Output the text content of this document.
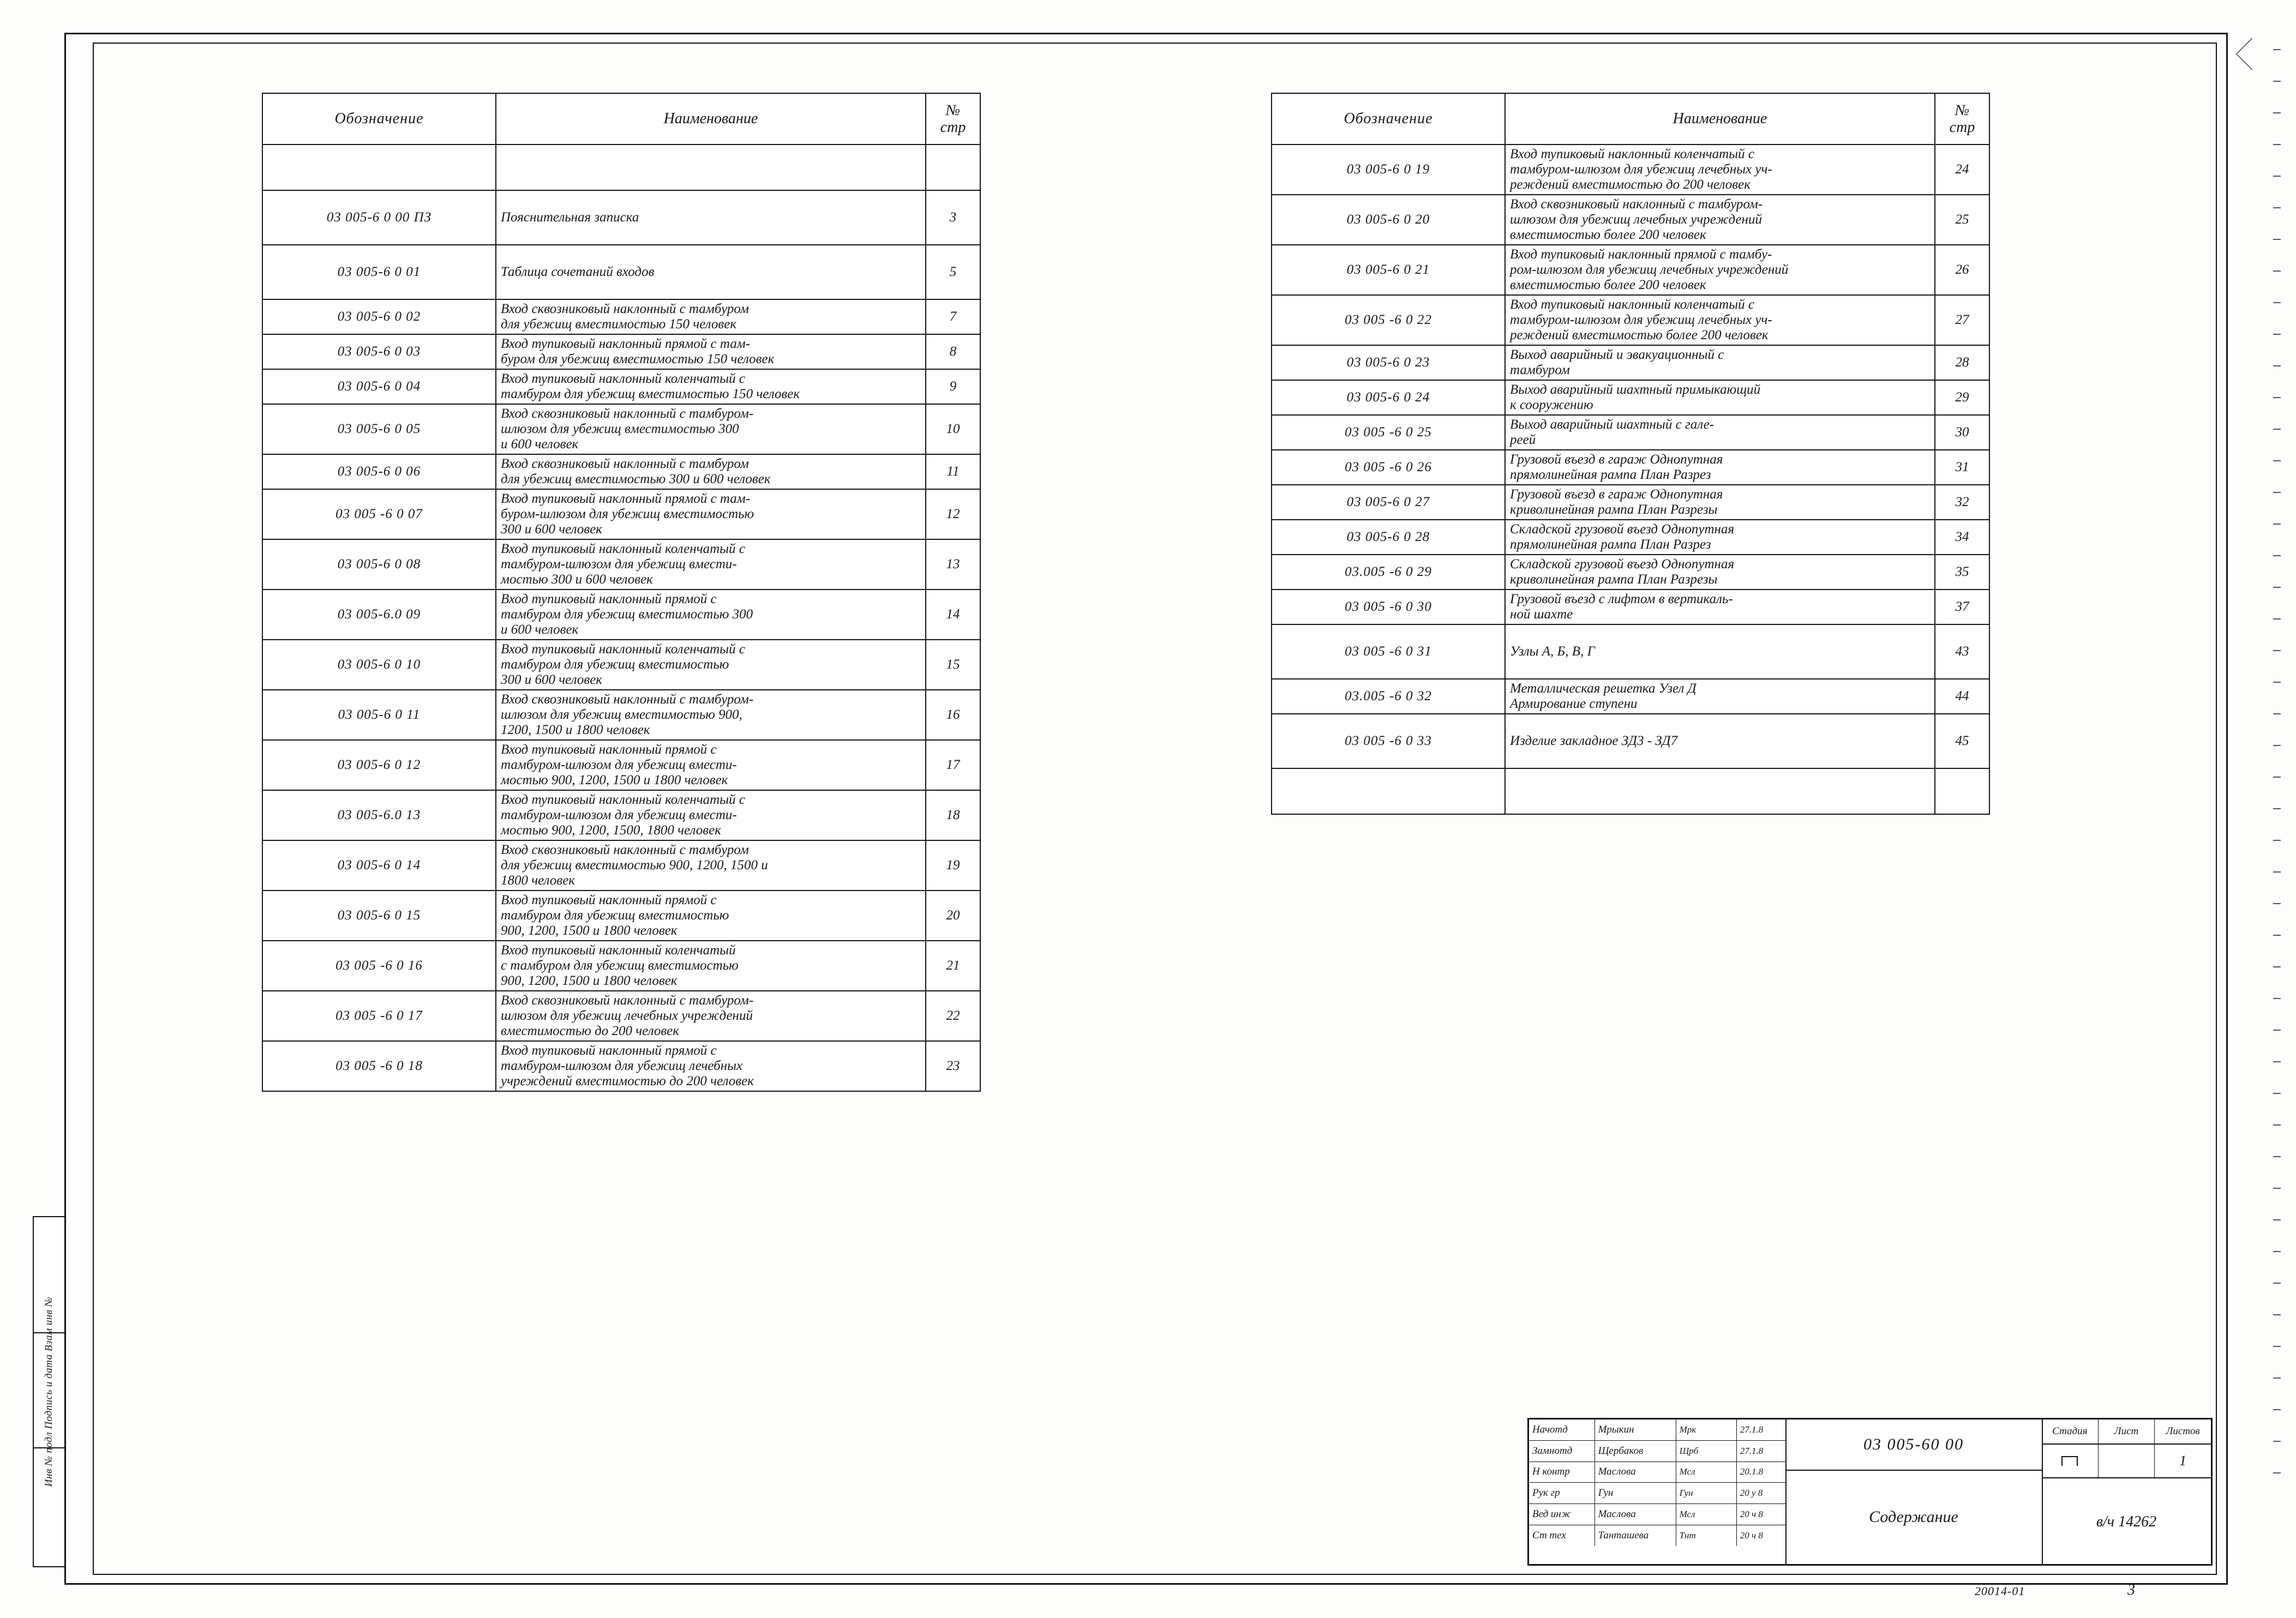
Инв № подл Подпись и дата Взам инв №
Обозначение	Наименование	№
стр

03 005-6 0 00 ПЗ	Пояснительная записка	3
03 005-6 0 01	Таблица сочетаний входов	5
03 005-6 0 02	Вход сквозниковый наклонный с тамбуром
для убежищ вместимостью 150 человек	7
03 005-6 0 03	Вход тупиковый наклонный прямой с там-
буром для убежищ вместимостью 150 человек	8
03 005-6 0 04	Вход тупиковый наклонный коленчатый с
тамбуром для убежищ вместимостью 150 человек	9
03 005-6 0 05	Вход сквозниковый наклонный с тамбуром-
шлюзом для убежищ вместимостью 300
и 600 человек	10
03 005-6 0 06	Вход сквозниковый наклонный с тамбуром
для убежищ вместимостью 300 и 600 человек	11
03 005 -6 0 07	Вход тупиковый наклонный прямой с там-
буром-шлюзом для убежищ вместимостью
300 и 600 человек	12
03 005-6 0 08	Вход тупиковый наклонный коленчатый с
тамбуром-шлюзом для убежищ вмести-
мостью 300 и 600 человек	13
03 005-6.0 09	Вход тупиковый наклонный прямой с
тамбуром для убежищ вместимостью 300
и 600 человек	14
03 005-6 0 10	Вход тупиковый наклонный коленчатый с
тамбуром для убежищ вместимостью
300 и 600 человек	15
03 005-6 0 11	Вход сквозниковый наклонный с тамбуром-
шлюзом для убежищ вместимостью 900,
1200, 1500 и 1800 человек	16
03 005-6 0 12	Вход тупиковый наклонный прямой с
тамбуром-шлюзом для убежищ вмести-
мостью 900, 1200, 1500 и 1800 человек	17
03 005-6.0 13	Вход тупиковый наклонный коленчатый с
тамбуром-шлюзом для убежищ вмести-
мостью 900, 1200, 1500, 1800 человек	18
03 005-6 0 14	Вход сквозниковый наклонный с тамбуром
для убежищ вместимостью 900, 1200, 1500 и
1800 человек	19
03 005-6 0 15	Вход тупиковый наклонный прямой с
тамбуром для убежищ вместимостью
900, 1200, 1500 и 1800 человек	20
03 005 -6 0 16	Вход тупиковый наклонный коленчатый
с тамбуром для убежищ вместимостью
900, 1200, 1500 и 1800 человек	21
03 005 -6 0 17	Вход сквозниковый наклонный с тамбуром-
шлюзом для убежищ лечебных учреждений
вместимостью до 200 человек	22
03 005 -6 0 18	Вход тупиковый наклонный прямой с
тамбуром-шлюзом для убежищ лечебных
учреждений вместимостью до 200 человек	23
Обозначение	Наименование	№
стр
03 005-6 0 19	Вход тупиковый наклонный коленчатый с
тамбуром-шлюзом для убежищ лечебных уч-
реждений вместимостью до 200 человек	24
03 005-6 0 20	Вход сквозниковый наклонный с тамбуром-
шлюзом для убежищ лечебных учреждений
вместимостью более 200 человек	25
03 005-6 0 21	Вход тупиковый наклонный прямой с тамбу-
ром-шлюзом для убежищ лечебных учреждений
вместимостью более 200 человек	26
03 005 -6 0 22	Вход тупиковый наклонный коленчатый с
тамбуром-шлюзом для убежищ лечебных уч-
реждений вместимостью более 200 человек	27
03 005-6 0 23	Выход аварийный и эвакуационный с
тамбуром	28
03 005-6 0 24	Выход аварийный шахтный примыкающий
к сооружению	29
03 005 -6 0 25	Выход аварийный шахтный с гале-
реей	30
03 005 -6 0 26	Грузовой въезд в гараж Однопутная
прямолинейная рампа План Разрез	31
03 005-6 0 27	Грузовой въезд в гараж Однопутная
криволинейная рампа План Разрезы	32
03 005-6 0 28	Складской грузовой въезд Однопутная
прямолинейная рампа План Разрез	34
03.005 -6 0 29	Складской грузовой въезд Однопутная
криволинейная рампа План Разрезы	35
03 005 -6 0 30	Грузовой въезд с лифтом в вертикаль-
ной шахте	37
03 005 -6 0 31	Узлы А, Б, В, Г	43
03.005 -6 0 32	Металлическая решетка Узел Д
Армирование ступени	44
03 005 -6 0 33	Изделие закладное ЗД3 - ЗД7	45

Начотд	Мрыкин	Мрк	27.1.8
Замнотд	Щербаков	Щрб	27.1.8
Н контр	Маслова	Мсл	20.1.8
Рук гр	Гун	Гун	20 у 8
Вед инж	Маслова	Мсл	20 ч 8
Ст тех	Танташева	Тнт	20 ч 8
03 005-60 00
Содержание
Стадия	Лист	Листов
1
в/ч 14262
20014-01	3
